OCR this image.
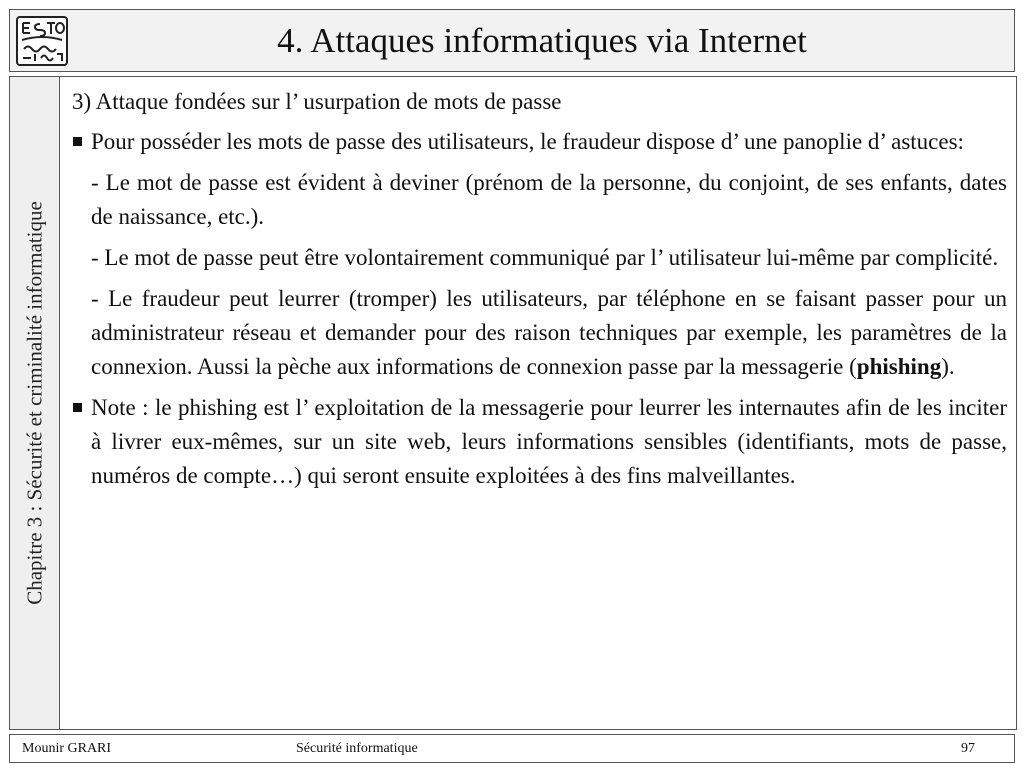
4. Attaques informatiques via Internet
Chapitre 3 : Sécurité et criminalité informatique

3) Attaque fondées sur l’ usurpation de mots de passe

Pour posséder les mots de passe des utilisateurs, le fraudeur dispose d’ une panoplie d’ astuces:

- Le mot de passe est évident à deviner (prénom de la personne, du conjoint, de ses enfants, dates de naissance, etc.).

- Le mot de passe peut être volontairement communiqué par l’ utilisateur lui-même par complicité.

- Le fraudeur peut leurrer (tromper) les utilisateurs, par téléphone en se faisant passer pour un administrateur réseau et demander pour des raison techniques par exemple, les paramètres de la connexion. Aussi la pèche aux informations de connexion passe par la messagerie (phishing).

Note : le phishing est l’ exploitation de la messagerie pour leurrer les internautes afin de les inciter à livrer eux-mêmes, sur un site web, leurs informations sensibles (identifiants, mots de passe, numéros de compte…) qui seront ensuite exploitées à des fins malveillantes.

Mounir GRARI	Sécurité informatique	97
